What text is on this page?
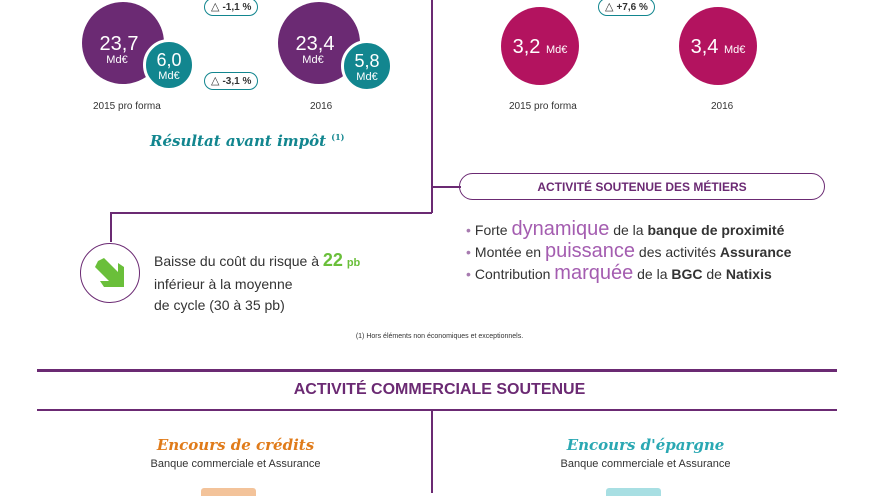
△ -1,1 %
23,7
Md€	6,0
Md€
23,4
Md€	5,8
Md€
△ -3,1 %
2015 pro forma	2016
Résultat avant impôt $^{(1)}$
△ +7,6 %
3,2 Md€	3,4 Md€
2015 pro forma	2016
ACTIVITÉ SOUTENUE DES MÉTIERS
• Forte dynamique de la banque de proximité
• Montée en puissance des activités Assurance
• Contribution marquée de la BGC de Natixis
Baisse du coût du risque à 22 pb
inférieur à la moyenne
de cycle (30 à 35 pb)
(1) Hors éléments non économiques et exceptionnels.
ACTIVITÉ COMMERCIALE SOUTENUE
Encours de crédits
Banque commerciale et Assurance
Encours d'épargne
Banque commerciale et Assurance
